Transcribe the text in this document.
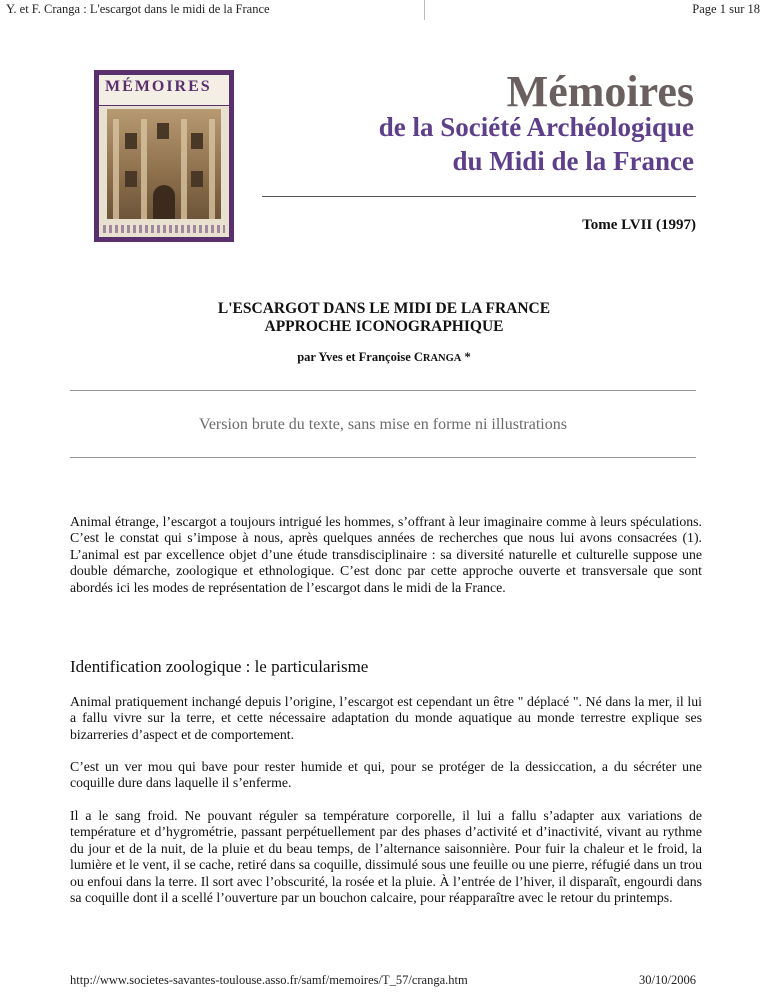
Y. et F. Cranga : L'escargot dans le midi de la France	Page 1 sur 18
MÉMOIRES	Mémoires
de la Société Archéologique
du Midi de la France
Tome LVII (1997)
L'ESCARGOT DANS LE MIDI DE LA FRANCE
APPROCHE ICONOGRAPHIQUE
par Yves et Françoise CRANGA *
Version brute du texte, sans mise en forme ni illustrations
Animal étrange, l’escargot a toujours intrigué les hommes, s’offrant à leur imaginaire comme à leurs spéculations. C’est le constat qui s’impose à nous, après quelques années de recherches que nous lui avons consacrées (1). L’animal est par excellence objet d’une étude transdisciplinaire : sa diversité naturelle et culturelle suppose une double démarche, zoologique et ethnologique. C’est donc par cette approche ouverte et transversale que sont abordés ici les modes de représentation de l’escargot dans le midi de la France.
Identification zoologique : le particularisme
Animal pratiquement inchangé depuis l’origine, l’escargot est cependant un être " déplacé ". Né dans la mer, il lui a fallu vivre sur la terre, et cette nécessaire adaptation du monde aquatique au monde terrestre explique ses bizarreries d’aspect et de comportement.
C’est un ver mou qui bave pour rester humide et qui, pour se protéger de la dessiccation, a du sécréter une coquille dure dans laquelle il s’enferme.
Il a le sang froid. Ne pouvant réguler sa température corporelle, il lui a fallu s’adapter aux variations de température et d’hygrométrie, passant perpétuellement par des phases d’activité et d’inactivité, vivant au rythme du jour et de la nuit, de la pluie et du beau temps, de l’alternance saisonnière. Pour fuir la chaleur et le froid, la lumière et le vent, il se cache, retiré dans sa coquille, dissimulé sous une feuille ou une pierre, réfugié dans un trou ou enfoui dans la terre. Il sort avec l’obscurité, la rosée et la pluie. À l’entrée de l’hiver, il disparaît, engourdi dans sa coquille dont il a scellé l’ouverture par un bouchon calcaire, pour réapparaître avec le retour du printemps.
http://www.societes-savantes-toulouse.asso.fr/samf/memoires/T_57/cranga.htm	30/10/2006
